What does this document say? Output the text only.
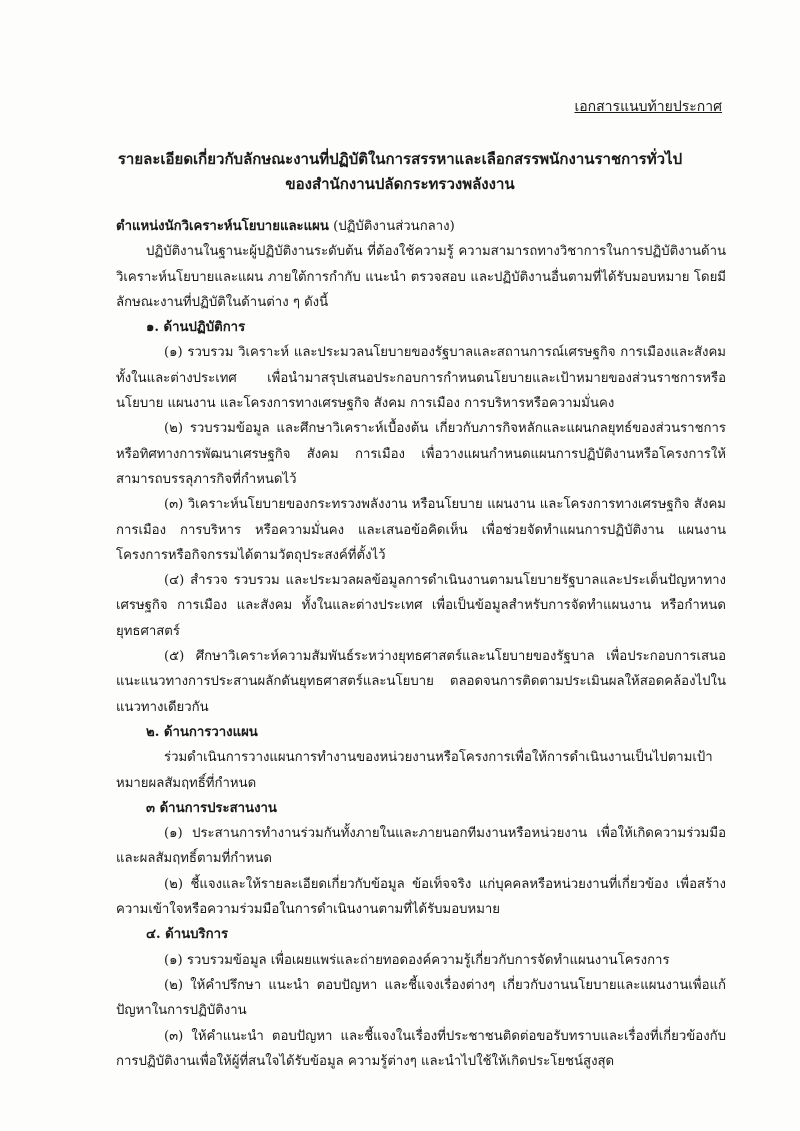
เอกสารแนบท้ายประกาศ
รายละเอียดเกี่ยวกับลักษณะงานที่ปฏิบัติในการสรรหาและเลือกสรรพนักงานราชการทั่วไป
ของสำนักงานปลัดกระทรวงพลังงาน

ตำแหน่งนักวิเคราะห์นโยบายและแผน (ปฏิบัติงานส่วนกลาง)

ปฏิบัติงานในฐานะผู้ปฏิบัติงานระดับต้น ที่ต้องใช้ความรู้ ความสามารถทางวิชาการในการปฏิบัติงานด้านวิเคราะห์นโยบายและแผน ภายใต้การกำกับ แนะนำ ตรวจสอบ และปฏิบัติงานอื่นตามที่ได้รับมอบหมาย โดยมีลักษณะงานที่ปฏิบัติในด้านต่าง ๆ ดังนี้

๑. ด้านปฏิบัติการ

(๑) รวบรวม วิเคราะห์ และประมวลนโยบายของรัฐบาลและสถานการณ์เศรษฐกิจ การเมืองและสังคม ทั้งในและต่างประเทศ เพื่อนำมาสรุปเสนอประกอบการกำหนดนโยบายและเป้าหมายของส่วนราชการหรือนโยบาย แผนงาน และโครงการทางเศรษฐกิจ สังคม การเมือง การบริหารหรือความมั่นคง

(๒) รวบรวมข้อมูล และศึกษาวิเคราะห์เบื้องต้น เกี่ยวกับภารกิจหลักและแผนกลยุทธ์ของส่วนราชการหรือทิศทางการพัฒนาเศรษฐกิจ สังคม การเมือง เพื่อวางแผนกำหนดแผนการปฏิบัติงานหรือโครงการให้สามารถบรรลุภารกิจที่กำหนดไว้

(๓) วิเคราะห์นโยบายของกระทรวงพลังงาน หรือนโยบาย แผนงาน และโครงการทางเศรษฐกิจ สังคม การเมือง การบริหาร หรือความมั่นคง และเสนอข้อคิดเห็น เพื่อช่วยจัดทำแผนการปฏิบัติงาน แผนงาน โครงการหรือกิจกรรมได้ตามวัตถุประสงค์ที่ตั้งไว้

(๔) สำรวจ รวบรวม และประมวลผลข้อมูลการดำเนินงานตามนโยบายรัฐบาลและประเด็นปัญหาทางเศรษฐกิจ การเมือง และสังคม ทั้งในและต่างประเทศ เพื่อเป็นข้อมูลสำหรับการจัดทำแผนงาน หรือกำหนดยุทธศาสตร์

(๕) ศึกษาวิเคราะห์ความสัมพันธ์ระหว่างยุทธศาสตร์และนโยบายของรัฐบาล เพื่อประกอบการเสนอแนะแนวทางการประสานผลักดันยุทธศาสตร์และนโยบาย ตลอดจนการติดตามประเมินผลให้สอดคล้องไปในแนวทางเดียวกัน

๒. ด้านการวางแผน

ร่วมดำเนินการวางแผนการทำงานของหน่วยงานหรือโครงการเพื่อให้การดำเนินงานเป็นไปตามเป้าหมายผลสัมฤทธิ์ที่กำหนด

๓ ด้านการประสานงาน

(๑) ประสานการทำงานร่วมกันทั้งภายในและภายนอกทีมงานหรือหน่วยงาน เพื่อให้เกิดความร่วมมือและผลสัมฤทธิ์ตามที่กำหนด

(๒) ชี้แจงและให้รายละเอียดเกี่ยวกับข้อมูล ข้อเท็จจริง แก่บุคคลหรือหน่วยงานที่เกี่ยวข้อง เพื่อสร้างความเข้าใจหรือความร่วมมือในการดำเนินงานตามที่ได้รับมอบหมาย

๔. ด้านบริการ

(๑) รวบรวมข้อมูล เพื่อเผยแพร่และถ่ายทอดองค์ความรู้เกี่ยวกับการจัดทำแผนงานโครงการ

(๒) ให้คำปรึกษา แนะนำ ตอบปัญหา และชี้แจงเรื่องต่างๆ เกี่ยวกับงานนโยบายและแผนงานเพื่อแก้ปัญหาในการปฏิบัติงาน

(๓) ให้คำแนะนำ ตอบปัญหา และชี้แจงในเรื่องที่ประชาชนติดต่อขอรับทราบและเรื่องที่เกี่ยวข้องกับการปฏิบัติงานเพื่อให้ผู้ที่สนใจได้รับข้อมูล ความรู้ต่างๆ และนำไปใช้ให้เกิดประโยชน์สูงสุด
